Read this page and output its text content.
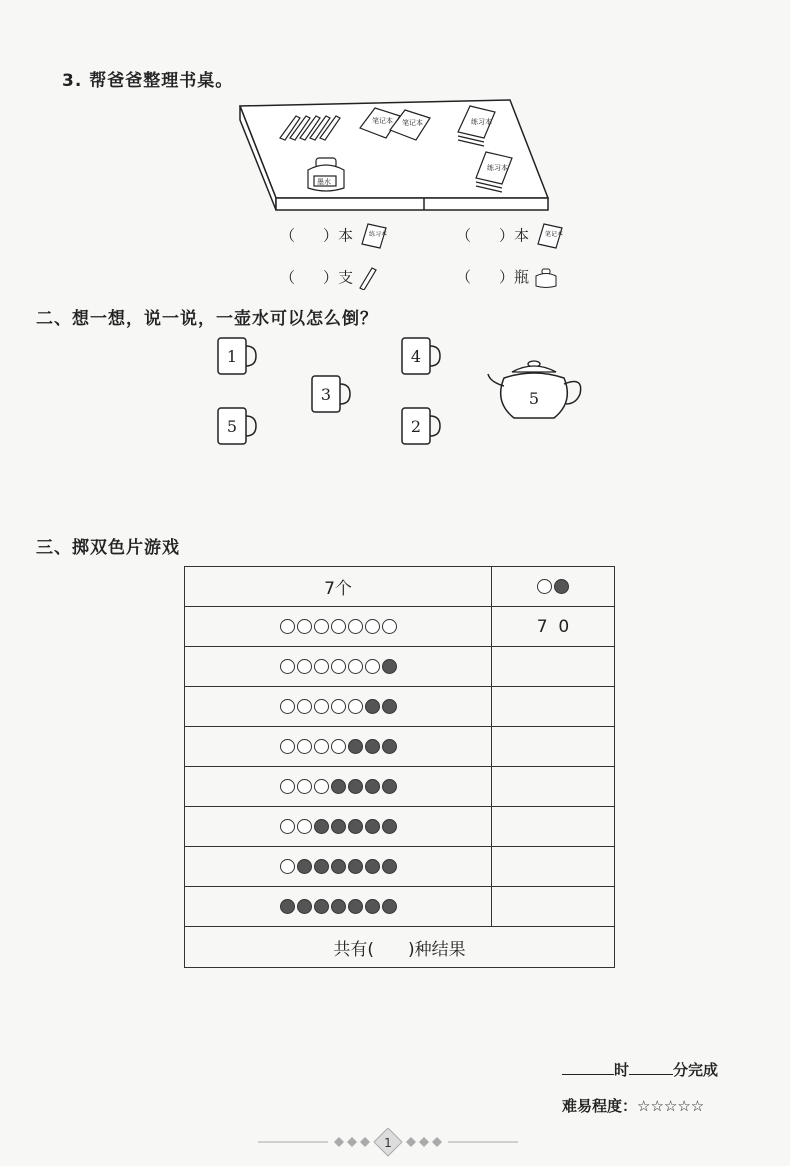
3. 帮爸爸整理书桌。
笔记本 笔记本	练习本
练习本
墨水
（ ）本	练习本	（ ）本	笔记本
（ ）支	（ ）瓶
二、想一想，说一说，一壶水可以怎么倒？
1
3
5
4
2
5
三、掷双色片游戏
7个	
	7  0

共有(　　)种结果	
时	分完成
难易程度：☆☆☆☆☆
1
